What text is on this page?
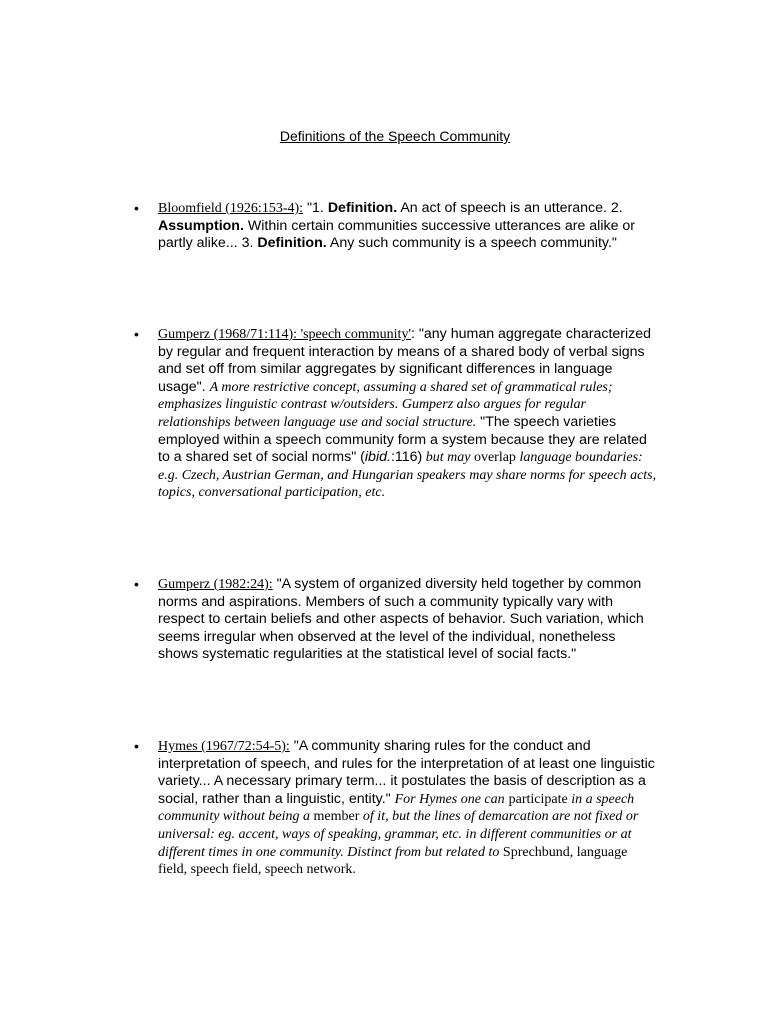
Definitions of the Speech Community
• Bloomfield (1926:153-4): "1. Definition. An act of speech is an utterance. 2. Assumption. Within certain communities successive utterances are alike or partly alike... 3. Definition. Any such community is a speech community."
• Gumperz (1968/71:114): 'speech community': "any human aggregate characterized by regular and frequent interaction by means of a shared body of verbal signs and set off from similar aggregates by significant differences in language usage". A more restrictive concept, assuming a shared set of grammatical rules; emphasizes linguistic contrast w/outsiders. Gumperz also argues for regular relationships between language use and social structure. "The speech varieties employed within a speech community form a system because they are related to a shared set of social norms" (ibid.:116) but may overlap language boundaries: e.g. Czech, Austrian German, and Hungarian speakers may share norms for speech acts, topics, conversational participation, etc.
• Gumperz (1982:24): "A system of organized diversity held together by common norms and aspirations. Members of such a community typically vary with respect to certain beliefs and other aspects of behavior. Such variation, which seems irregular when observed at the level of the individual, nonetheless shows systematic regularities at the statistical level of social facts."
• Hymes (1967/72:54-5): "A community sharing rules for the conduct and interpretation of speech, and rules for the interpretation of at least one linguistic variety... A necessary primary term... it postulates the basis of description as a social, rather than a linguistic, entity." For Hymes one can participate in a speech community without being a member of it, but the lines of demarcation are not fixed or universal: eg. accent, ways of speaking, grammar, etc. in different communities or at different times in one community. Distinct from but related to Sprechbund, language field, speech field, speech network.
